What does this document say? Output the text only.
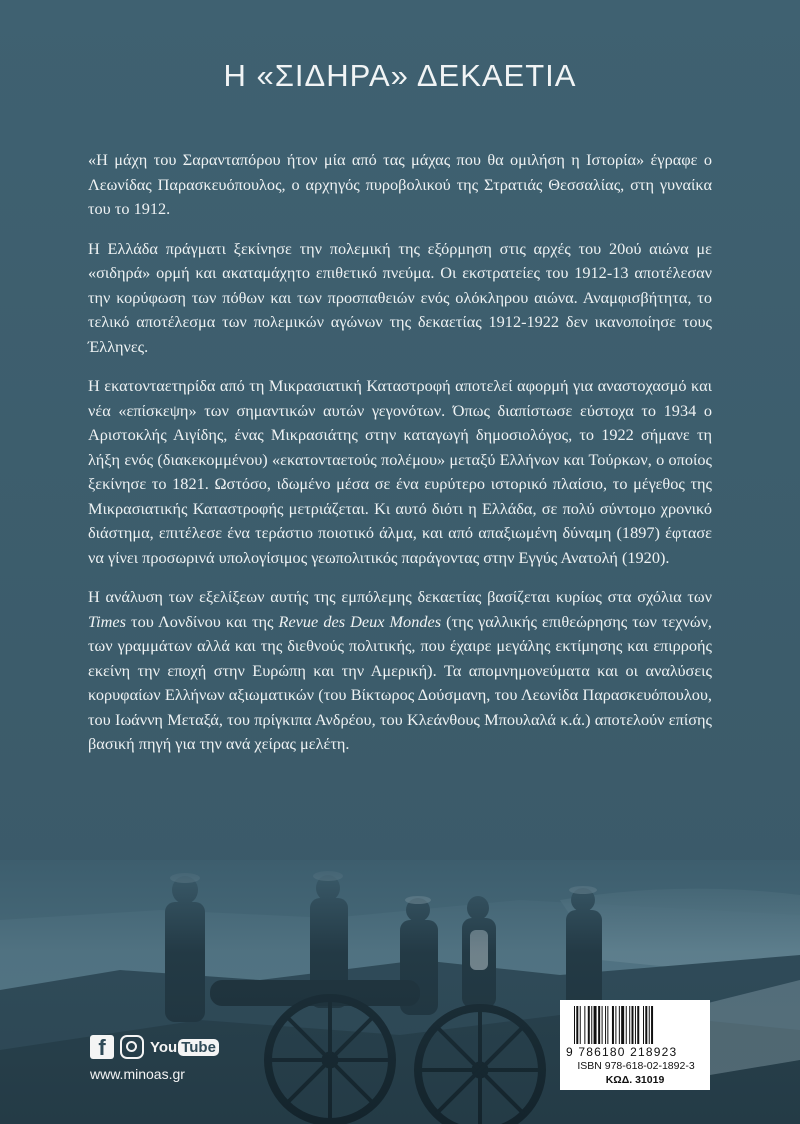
Η «ΣΙΔΗΡΑ» ΔΕΚΑΕΤΙΑ

«Η μάχη του Σαρανταπόρου ήτον μία από τας μάχας που θα ομιλήση η Ιστορία» έγραφε ο Λεωνίδας Παρασκευόπουλος, ο αρχηγός πυροβολικού της Στρατιάς Θεσσαλίας, στη γυναίκα του το 1912.

Η Ελλάδα πράγματι ξεκίνησε την πολεμική της εξόρμηση στις αρχές του 20ού αιώνα με «σιδηρά» ορμή και ακαταμάχητο επιθετικό πνεύμα. Οι εκστρατείες του 1912-13 αποτέλεσαν την κορύφωση των πόθων και των προσπαθειών ενός ολόκληρου αιώνα. Αναμφισβήτητα, το τελικό αποτέλεσμα των πολεμικών αγώνων της δεκαετίας 1912-1922 δεν ικανοποίησε τους Έλληνες.

Η εκατονταετηρίδα από τη Μικρασιατική Καταστροφή αποτελεί αφορμή για αναστοχασμό και νέα «επίσκεψη» των σημαντικών αυτών γεγονότων. Όπως διαπίστωσε εύστοχα το 1934 ο Αριστοκλής Αιγίδης, ένας Μικρασιάτης στην καταγωγή δημοσιολόγος, το 1922 σήμανε τη λήξη ενός (διακεκομμένου) «εκατονταετούς πολέμου» μεταξύ Ελλήνων και Τούρκων, ο οποίος ξεκίνησε το 1821. Ωστόσο, ιδωμένο μέσα σε ένα ευρύτερο ιστορικό πλαίσιο, το μέγεθος της Μικρασιατικής Καταστροφής μετριάζεται. Κι αυτό διότι η Ελλάδα, σε πολύ σύντομο χρονικό διάστημα, επιτέλεσε ένα τεράστιο ποιοτικό άλμα, και από απαξιωμένη δύναμη (1897) έφτασε να γίνει προσωρινά υπολογίσιμος γεωπολιτικός παράγοντας στην Εγγύς Ανατολή (1920).

Η ανάλυση των εξελίξεων αυτής της εμπόλεμης δεκαετίας βασίζεται κυρίως στα σχόλια των Times του Λονδίνου και της Revue des Deux Mondes (της γαλλικής επιθεώρησης των τεχνών, των γραμμάτων αλλά και της διεθνούς πολιτικής, που έχαιρε μεγάλης εκτίμησης και επιρροής εκείνη την εποχή στην Ευρώπη και την Αμερική). Τα απομνημονεύματα και οι αναλύσεις κορυφαίων Ελλήνων αξιωματικών (του Βίκτωρος Δούσμανη, του Λεωνίδα Παρασκευόπουλου, του Ιωάννη Μεταξά, του πρίγκιπα Ανδρέου, του Κλεάνθους Μπουλαλά κ.ά.) αποτελούν επίσης βασική πηγή για την ανά χείρας μελέτη.

f	You Tube

www.minoas.gr

9 786180 218923
ISBN 978-618-02-1892-3
ΚΩΔ. 31019
